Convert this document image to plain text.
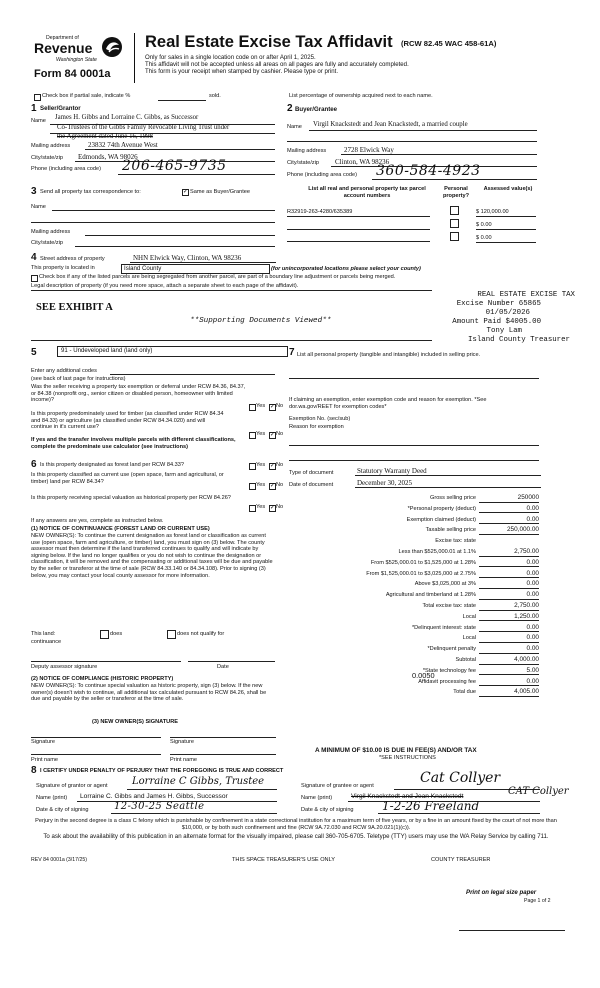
Department of
Revenue
Washington State
Form 84 0001a
Real Estate Excise Tax Affidavit (RCW 82.45 WAC 458-61A)
Only for sales in a single location code on or after April 1, 2025.
This affidavit will not be accepted unless all areas on all pages are fully and accurately completed.
This form is your receipt when stamped by cashier. Please type or print.
Check box if partial sale, indicate %	sold.	List percentage of ownership acquired next to each name.
1 Seller/Grantor
Name James H. Gibbs and Lorraine C. Gibbs, as Successor
Co-Trustees of the Gibbs Family Revocable Living Trust under
the Agreement dated June 16, 1998
Mailing address	23832 74th Avenue West
City/state/zip Edmonds, WA 98026
Phone (including area code) 206-465-9735
2 Buyer/Grantee
Name Virgil Knackstedt and Jean Knackstedt, a married couple
Mailing address	2728 Elwick Way
City/state/zip Clinton, WA 98236
Phone (including area code) 360-584-4923
3 Send all property tax correspondence to: ✓	Same as Buyer/Grantee
Name
Mailing address
City/state/zip
List all real and personal property tax parcel account numbers
Personal property?
Assessed value(s)
R32919-263-4280/635389	$ 120,000.00
$ 0.00
$ 0.00
4 Street address of property	NHN Elwick Way, Clinton, WA 98236
This property is located in	Island County	(for unincorporated locations please select your county)
Check box if any of the listed parcels are being segregated from another parcel, are part of a boundary line adjustment or parcels being merged.
Legal description of property (if you need more space, attach a separate sheet to each page of the affidavit).
SEE EXHIBIT A
**Supporting Documents Viewed**
REAL ESTATE EXCISE TAX
Excise Number 65865
01/05/2026
Amount Paid $4005.00
Tony Lam
Island County Treasurer
5	91 - Undeveloped land (land only)
Enter any additional codes
(see back of last page for instructions)
Was the seller receiving a property tax exemption or deferral under RCW 84.36, 84.37, or 84.38 (nonprofit org., senior citizen or disabled person, homeowner with limited income)?
Yes ✓ No
Is this property predominately used for timber (as classified under RCW 84.34 and 84.33) or agriculture (as classified under RCW 84.34.020) and will continue in it's current use?
If yes and the transfer involves multiple parcels with different classifications, complete the predominate use calculator (see instructions)
Yes ✓ No
7 List all personal property (tangible and intangible) included in selling price.
If claiming an exemption, enter exemption code and reason for exemption. *See dor.wa.gov/REET for exemption codes*
Exemption No. (sec/sub)
Reason for exemption
6 Is this property designated as forest land per RCW 84.33?	Yes ✓ No
Is this property classified as current use (open space, farm and agricultural, or timber) land per RCW 84.34?
Yes ✓ No
Is this property receiving special valuation as historical property per RCW 84.26?
Yes ✓ No
If any answers are yes, complete as instructed below.
(1) NOTICE OF CONTINUANCE (FOREST LAND OR CURRENT USE)
NEW OWNER(S): To continue the current designation as forest land or classification as current use (open space, farm and agriculture, or timber) land, you must sign on (3) below. The county assessor must then determine if the land transferred continues to qualify and will indicate by signing below. If the land no longer qualifies or you do not wish to continue the designation or classification, it will be removed and the compensating or additional taxes will be due and payable by the seller or transferor at the time of sale (RCW 84.33.140 or 84.34.108). Prior to signing (3) below, you may contact your local county assessor for more information.
This land:
continuance
does	does not qualify for
Deputy assessor signature	Date
(2) NOTICE OF COMPLIANCE (HISTORIC PROPERTY)
NEW OWNER(S): To continue special valuation as historic property, sign (3) below. If the new owner(s) doesn't wish to continue, all additional tax calculated pursuant to RCW 84.26, shall be due and payable by the seller or transferor at the time of sale.
(3) NEW OWNER(S) SIGNATURE
Signature	Signature
Print name	Print name
Type of document	Statutory Warranty Deed
Date of document	December 30, 2025
Gross selling price	250000
*Personal property (deduct)	0.00
Exemption claimed (deduct)	0.00
Taxable selling price	250,000.00
Excise tax: state
Less than $525,000.01 at 1.1%	2,750.00
From $525,000.01 to $1,525,000 at 1.28%	0.00
From $1,525,000.01 to $3,025,000 at 2.75%	0.00
Above $3,025,000 at 3%	0.00
Agricultural and timberland at 1.28%	0.00
Total excise tax: state	2,750.00
Local	1,250.00
*Delinquent interest: state	0.00
Local	0.00
*Delinquent penalty	0.00
Subtotal	4,000.00
*State technology fee	5.00
Affidavit processing fee	0.00
Total due	4,005.00
0.0050
A MINIMUM OF $10.00 IS DUE IN FEE(S) AND/OR TAX
*SEE INSTRUCTIONS
8 I CERTIFY UNDER PENALTY OF PERJURY THAT THE FOREGOING IS TRUE AND CORRECT
Signature of grantor or agent Lorraine C Gibbs, Trustee
Name (print) Lorraine C. Gibbs and James H. Gibbs, Successor
Date & city of signing	12-30-25 Seattle
Signature of grantee or agent	Cat Collyer
Name (print)	Virgil Knackstedt and Jean Knackstedt	CAT Collyer
Date & city of signing 1-2-26 Freeland
Perjury in the second degree is a class C felony which is punishable by confinement in a state correctional institution for a maximum term of five years, or by a fine in an amount fixed by the court of not more than $10,000, or by both such confinement and fine (RCW 9A.72.030 and RCW 9A.20.021(1)(c)).
To ask about the availability of this publication in an alternate format for the visually impaired, please call 360-705-6705. Teletype (TTY) users may use the WA Relay Service by calling 711.
REV 84 0001a (3/17/25)	THIS SPACE TREASURER'S USE ONLY	COUNTY TREASURER
Print on legal size paper
Page 1 of 2
